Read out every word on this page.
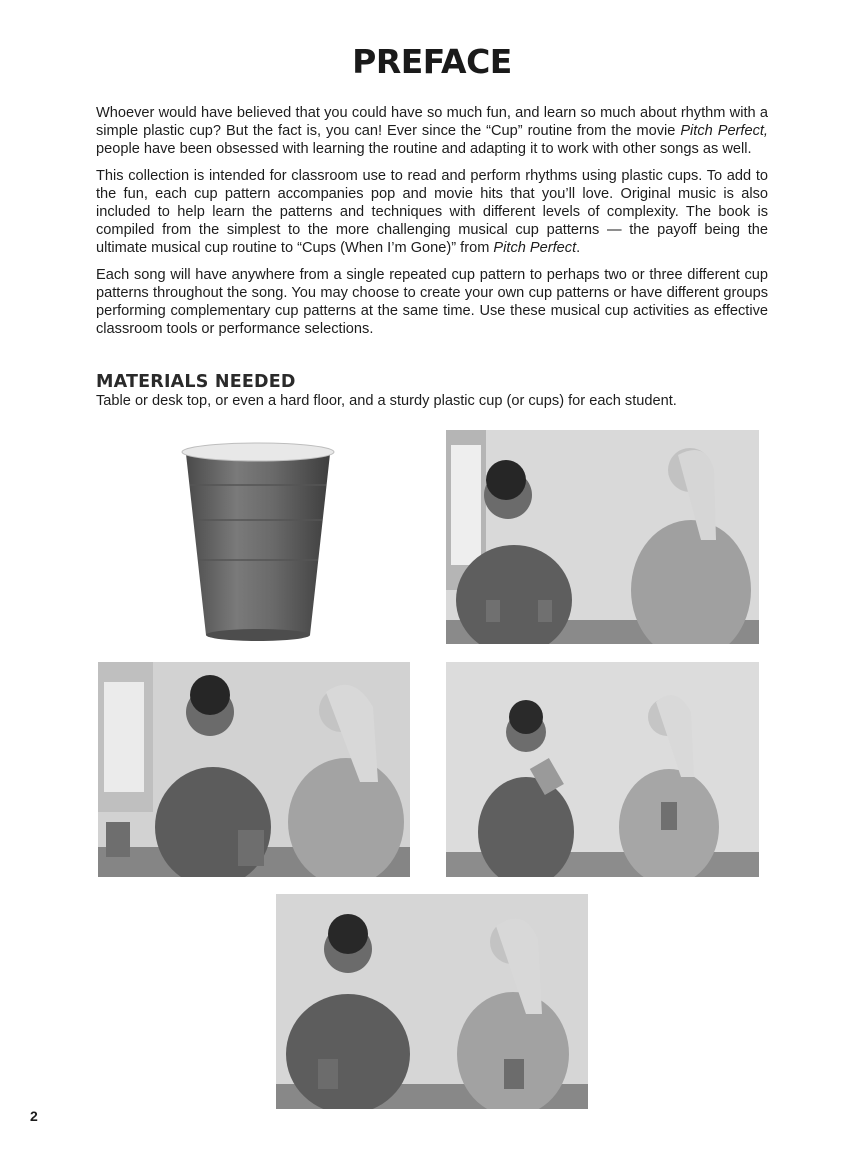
PREFACE

Whoever would have believed that you could have so much fun, and learn so much about rhythm with a simple plastic cup? But the fact is, you can! Ever since the “Cup” routine from the movie Pitch Perfect, people have been obsessed with learning the routine and adapting it to work with other songs as well.

This collection is intended for classroom use to read and perform rhythms using plastic cups. To add to the fun, each cup pattern accompanies pop and movie hits that you’ll love. Original music is also included to help learn the patterns and techniques with different levels of complexity. The book is compiled from the simplest to the more challenging musical cup patterns — the payoff being the ultimate musical cup routine to “Cups (When I’m Gone)” from Pitch Perfect.

Each song will have anywhere from a single repeated cup pattern to perhaps two or three different cup patterns throughout the song. You may choose to create your own cup patterns or have different groups performing complementary cup patterns at the same time. Use these musical cup activities as effective classroom tools or performance selections.

MATERIALS NEEDED
Table or desk top, or even a hard floor, and a sturdy plastic cup (or cups) for each student.
2
